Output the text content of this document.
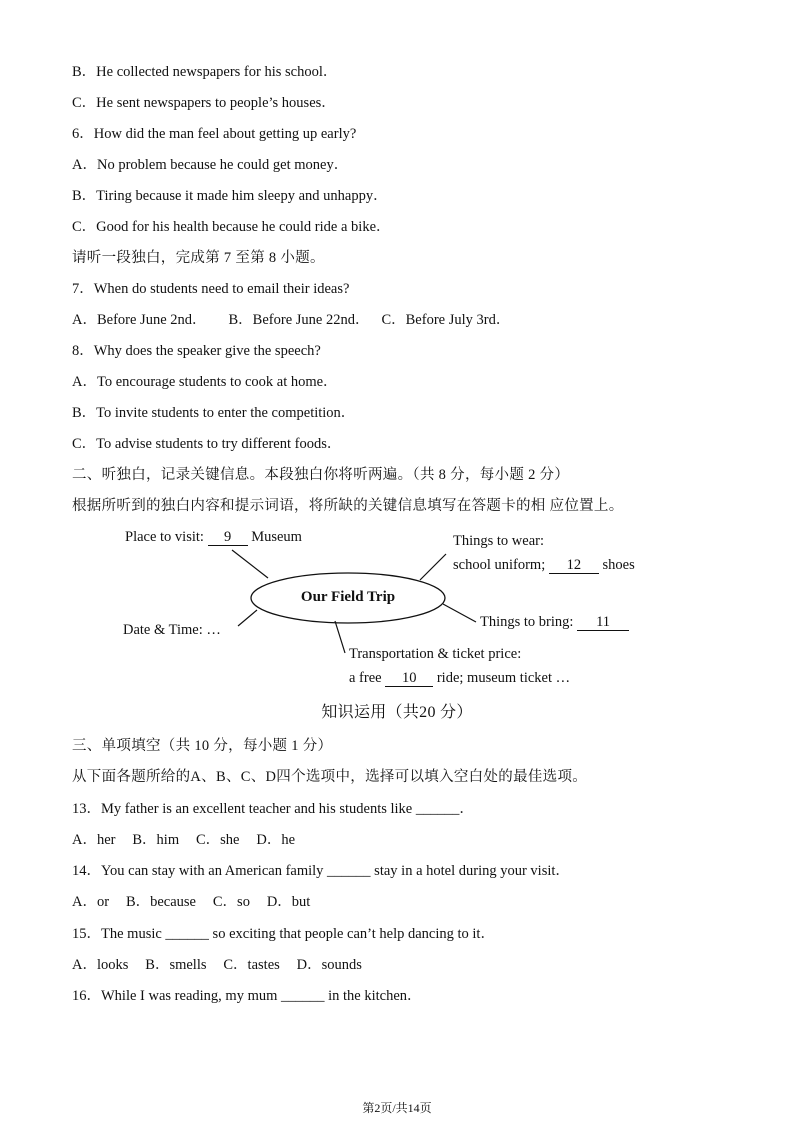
B．He collected newspapers for his school．
C．He sent newspapers to people’s houses．
6．How did the man feel about getting up early?
A．No problem because he could get money．
B．Tiring because it made him sleepy and unhappy．
C．Good for his health because he could ride a bike．
请听一段独白，完成第 7 至第 8 小题。
7．When do students need to email their ideas?
A．Before June 2nd． B．Before June 22nd． C．Before July 3rd．
8．Why does the speaker give the speech?
A．To encourage students to cook at home．
B．To invite students to enter the competition．
C．To advise students to try different foods．
二、听独白，记录关键信息。本段独白你将听两遍。（共 8 分，每小题 2 分）
根据所听到的独白内容和提示词语，将所缺的关键信息填写在答题卡的相 应位置上。
Our Field Trip
Place to visit: 9 Museum	Things to wear:
school uniform; 12 shoes
Date & Time: …	Things to bring: 11
Transportation & ticket price:
a free 10 ride; museum ticket …
知识运用（共20 分）
三、单项填空（共 10 分，每小题 1 分）
从下面各题所给的A、B、C、D四个选项中，选择可以填入空白处的最佳选项。
13．My father is an excellent teacher and his students like ______．
A．her B．him C．she D．he
14．You can stay with an American family ______ stay in a hotel during your visit．
A．or B．because C．so D．but
15．The music ______ so exciting that people can’t help dancing to it．
A．looks B．smells C．tastes D．sounds
16．While I was reading, my mum ______ in the kitchen．
第2页/共14页
